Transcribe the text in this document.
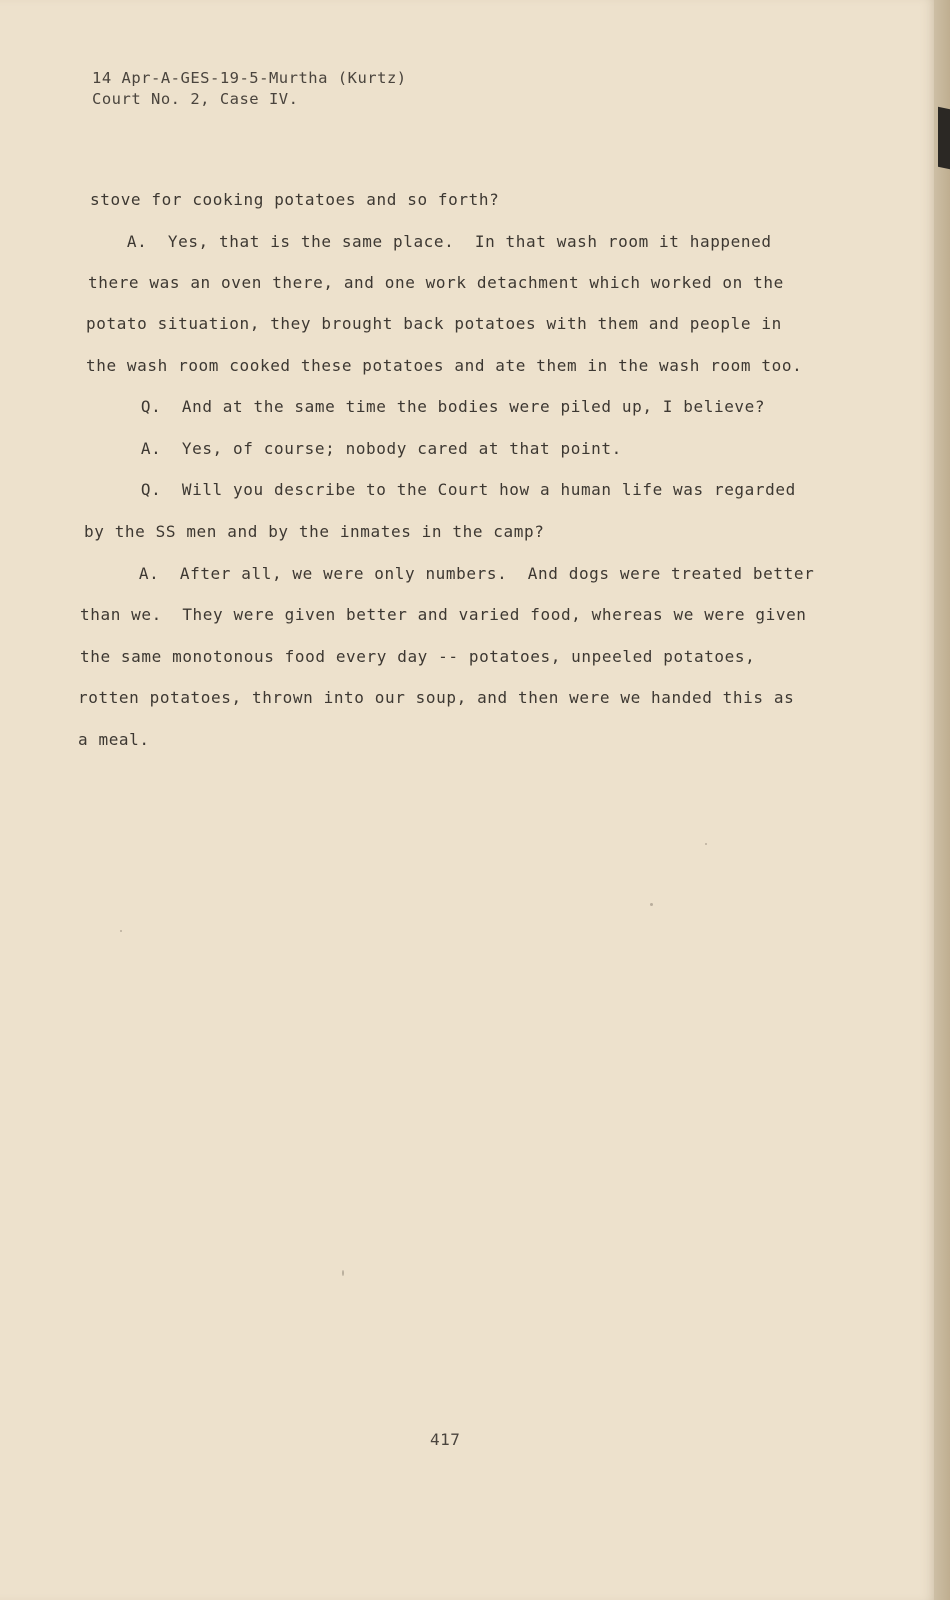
14 Apr-A-GES-19-5-Murtha (Kurtz)
Court No. 2, Case IV.
stove for cooking potatoes and so forth?
A.  Yes, that is the same place.  In that wash room it happened
there was an oven there, and one work detachment which worked on the
potato situation, they brought back potatoes with them and people in
the wash room cooked these potatoes and ate them in the wash room too.
Q.  And at the same time the bodies were piled up, I believe?
A.  Yes, of course; nobody cared at that point.
Q.  Will you describe to the Court how a human life was regarded
by the SS men and by the inmates in the camp?
A.  After all, we were only numbers.  And dogs were treated better
than we.  They were given better and varied food, whereas we were given
the same monotonous food every day -- potatoes, unpeeled potatoes,
rotten potatoes, thrown into our soup, and then were we handed this as
a meal.
417
